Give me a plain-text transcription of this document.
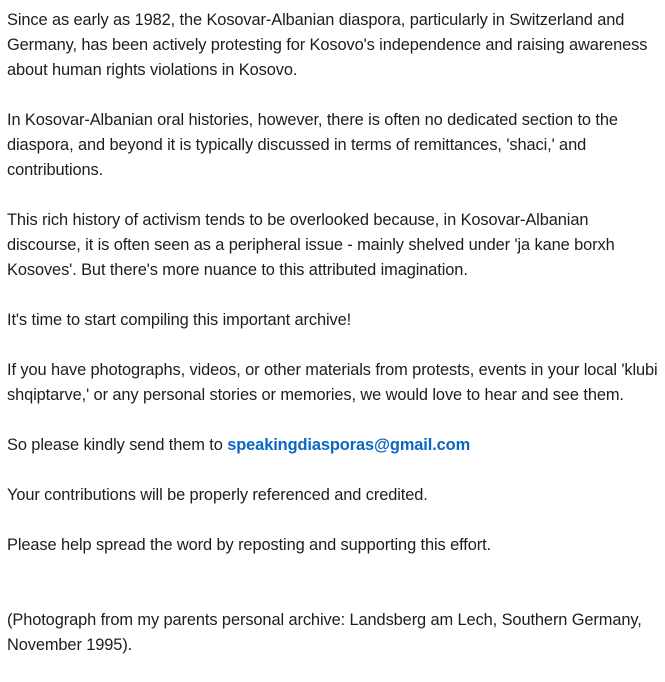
Since as early as 1982, the Kosovar-Albanian diaspora, particularly in Switzerland and Germany, has been actively protesting for Kosovo's independence and raising awareness about human rights violations in Kosovo.

In Kosovar-Albanian oral histories, however, there is often no dedicated section to the diaspora, and beyond it is typically discussed in terms of remittances, 'shaci,' and contributions.

This rich history of activism tends to be overlooked because, in Kosovar-Albanian discourse, it is often seen as a peripheral issue - mainly shelved under 'ja kane borxh Kosoves'. But there's more nuance to this attributed imagination.

It's time to start compiling this important archive!

If you have photographs, videos, or other materials from protests, events in your local 'klubi shqiptarve,' or any personal stories or memories, we would love to hear and see them.

So please kindly send them to speakingdiasporas@gmail.com

Your contributions will be properly referenced and credited.

Please help spread the word by reposting and supporting this effort.

(Photograph from my parents personal archive: Landsberg am Lech, Southern Germany, November 1995).
